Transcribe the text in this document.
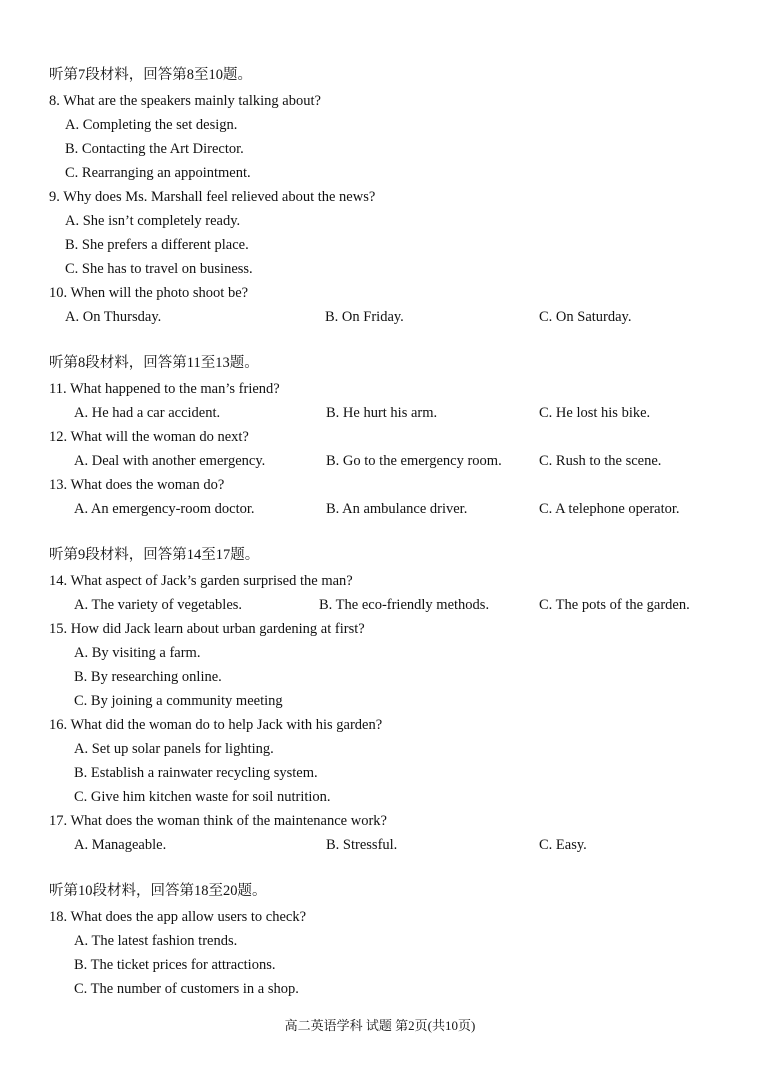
听第7段材料，回答第8至10题。
8. What are the speakers mainly talking about?
A. Completing the set design.
B. Contacting the Art Director.
C. Rearranging an appointment.
9. Why does Ms. Marshall feel relieved about the news?
A. She isn’t completely ready.
B. She prefers a different place.
C. She has to travel on business.
10. When will the photo shoot be?
A. On Thursday.	B. On Friday.	C. On Saturday.
听第8段材料，回答第11至13题。
11. What happened to the man’s friend?
A. He had a car accident.	B. He hurt his arm.	C. He lost his bike.
12. What will the woman do next?
A. Deal with another emergency.	B. Go to the emergency room.	C. Rush to the scene.
13. What does the woman do?
A. An emergency-room doctor.	B. An ambulance driver.	C. A telephone operator.
听第9段材料，回答第14至17题。
14. What aspect of Jack’s garden surprised the man?
A. The variety of vegetables.	B. The eco-friendly methods.	C. The pots of the garden.
15. How did Jack learn about urban gardening at first?
A. By visiting a farm.
B. By researching online.
C. By joining a community meeting
16. What did the woman do to help Jack with his garden?
A. Set up solar panels for lighting.
B. Establish a rainwater recycling system.
C. Give him kitchen waste for soil nutrition.
17. What does the woman think of the maintenance work?
A. Manageable.	B. Stressful.	C. Easy.
听第10段材料，回答第18至20题。
18. What does the app allow users to check?
A. The latest fashion trends.
B. The ticket prices for attractions.
C. The number of customers in a shop.
高二英语学科 试题 第2页(共10页)
